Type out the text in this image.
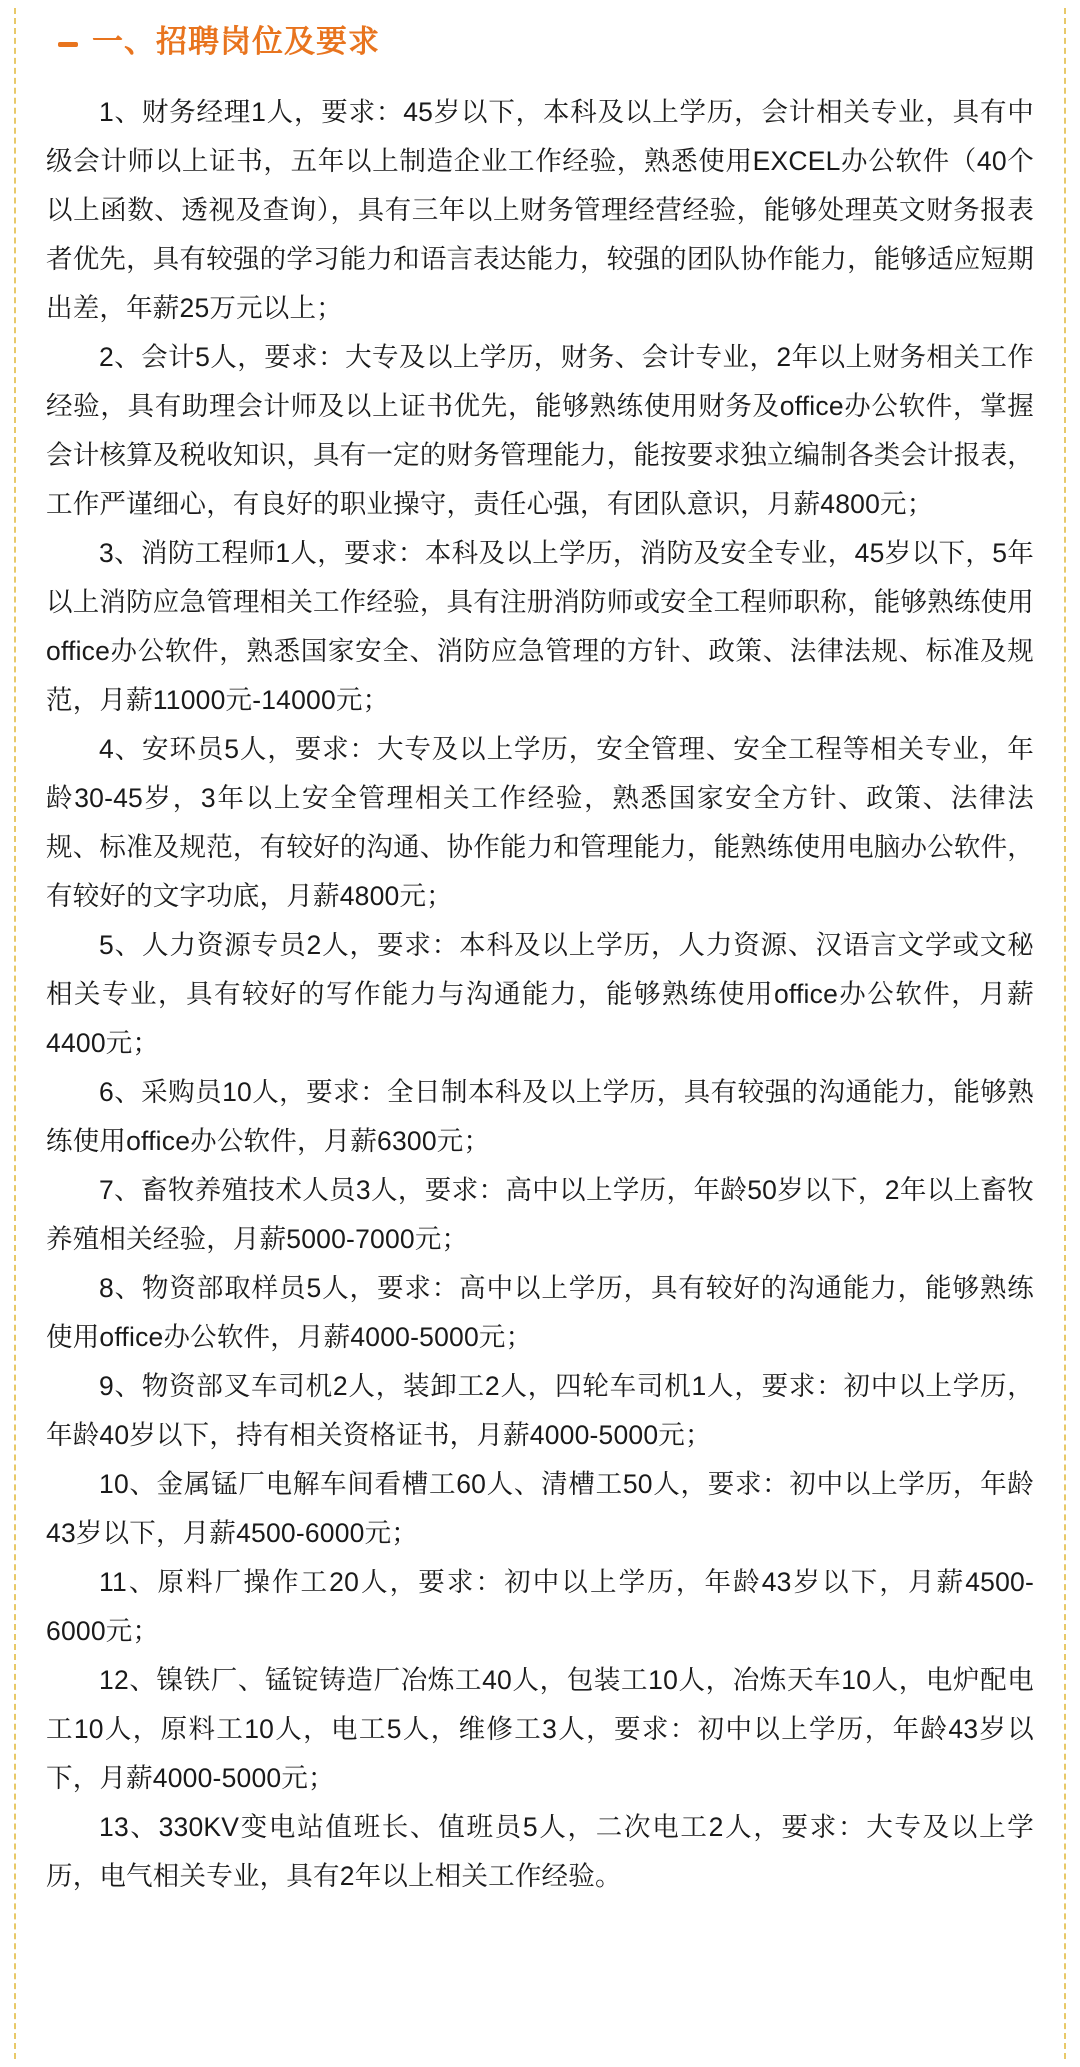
一、招聘岗位及要求

1、财务经理1人，要求：45岁以下，本科及以上学历，会计相关专业，具有中级会计师以上证书，五年以上制造企业工作经验，熟悉使用EXCEL办公软件（40个以上函数、透视及查询），具有三年以上财务管理经营经验，能够处理英文财务报表者优先，具有较强的学习能力和语言表达能力，较强的团队协作能力，能够适应短期出差，年薪25万元以上；

2、会计5人，要求：大专及以上学历，财务、会计专业，2年以上财务相关工作经验，具有助理会计师及以上证书优先，能够熟练使用财务及office办公软件，掌握会计核算及税收知识，具有一定的财务管理能力，能按要求独立编制各类会计报表，工作严谨细心，有良好的职业操守，责任心强，有团队意识，月薪4800元；

3、消防工程师1人，要求：本科及以上学历，消防及安全专业，45岁以下，5年以上消防应急管理相关工作经验，具有注册消防师或安全工程师职称，能够熟练使用office办公软件，熟悉国家安全、消防应急管理的方针、政策、法律法规、标准及规范，月薪11000元-14000元；

4、安环员5人，要求：大专及以上学历，安全管理、安全工程等相关专业，年龄30-45岁，3年以上安全管理相关工作经验，熟悉国家安全方针、政策、法律法规、标准及规范，有较好的沟通、协作能力和管理能力，能熟练使用电脑办公软件，有较好的文字功底，月薪4800元；

5、人力资源专员2人，要求：本科及以上学历，人力资源、汉语言文学或文秘相关专业，具有较好的写作能力与沟通能力，能够熟练使用office办公软件，月薪4400元；

6、采购员10人，要求：全日制本科及以上学历，具有较强的沟通能力，能够熟练使用office办公软件，月薪6300元；

7、畜牧养殖技术人员3人，要求：高中以上学历，年龄50岁以下，2年以上畜牧养殖相关经验，月薪5000-7000元；

8、物资部取样员5人，要求：高中以上学历，具有较好的沟通能力，能够熟练使用office办公软件，月薪4000-5000元；

9、物资部叉车司机2人，装卸工2人，四轮车司机1人，要求：初中以上学历，年龄40岁以下，持有相关资格证书，月薪4000-5000元；

10、金属锰厂电解车间看槽工60人、清槽工50人，要求：初中以上学历，年龄43岁以下，月薪4500-6000元；

11、原料厂操作工20人，要求：初中以上学历，年龄43岁以下，月薪4500-6000元；

12、镍铁厂、锰锭铸造厂冶炼工40人，包装工10人，冶炼天车10人，电炉配电工10人，原料工10人，电工5人，维修工3人，要求：初中以上学历，年龄43岁以下，月薪4000-5000元；

13、330KV变电站值班长、值班员5人，二次电工2人，要求：大专及以上学历，电气相关专业，具有2年以上相关工作经验。
